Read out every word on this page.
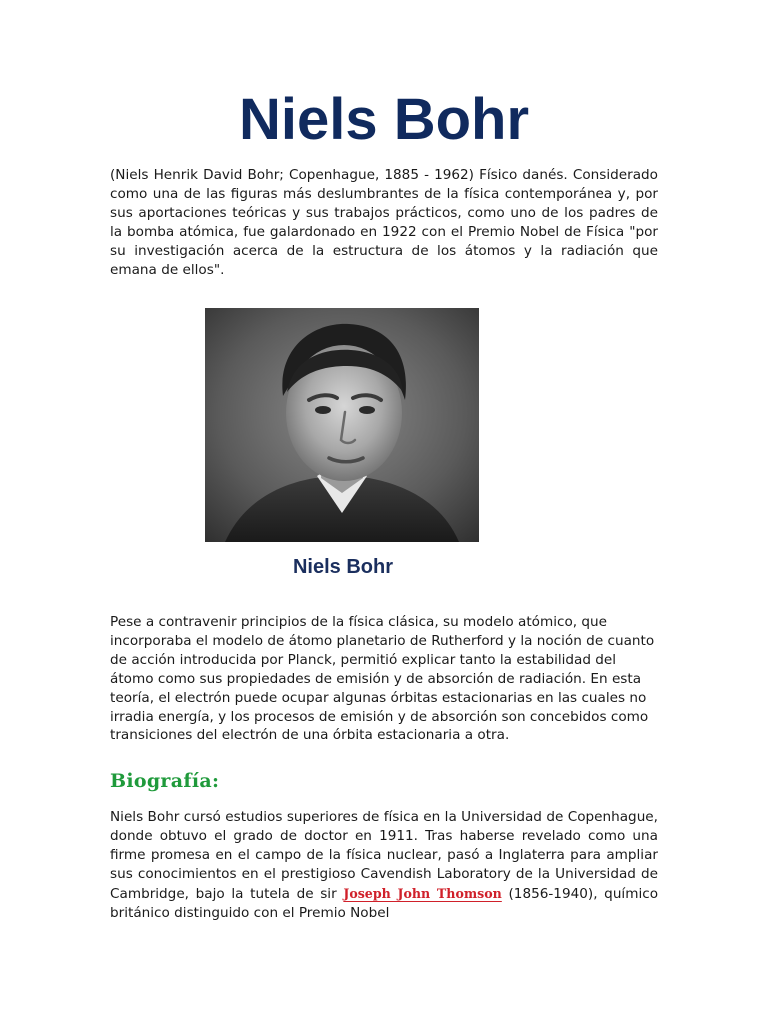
Niels Bohr

(Niels Henrik David Bohr; Copenhague, 1885 - 1962) Físico danés. Considerado como una de las figuras más deslumbrantes de la física contemporánea y, por sus aportaciones teóricas y sus trabajos prácticos, como uno de los padres de la bomba atómica, fue galardonado en 1922 con el Premio Nobel de Física "por su investigación acerca de la estructura de los átomos y la radiación que emana de ellos".

Niels Bohr

Pese a contravenir principios de la física clásica, su modelo atómico, que incorporaba el modelo de átomo planetario de Rutherford y la noción de cuanto de acción introducida por Planck, permitió explicar tanto la estabilidad del átomo como sus propiedades de emisión y de absorción de radiación. En esta teoría, el electrón puede ocupar algunas órbitas estacionarias en las cuales no irradia energía, y los procesos de emisión y de absorción son concebidos como transiciones del electrón de una órbita estacionaria a otra.

Biografía:

Niels Bohr cursó estudios superiores de física en la Universidad de Copenhague, donde obtuvo el grado de doctor en 1911. Tras haberse revelado como una firme promesa en el campo de la física nuclear, pasó a Inglaterra para ampliar sus conocimientos en el prestigioso Cavendish Laboratory de la Universidad de Cambridge, bajo la tutela de sir Joseph John Thomson (1856-1940), químico británico distinguido con el Premio Nobel
